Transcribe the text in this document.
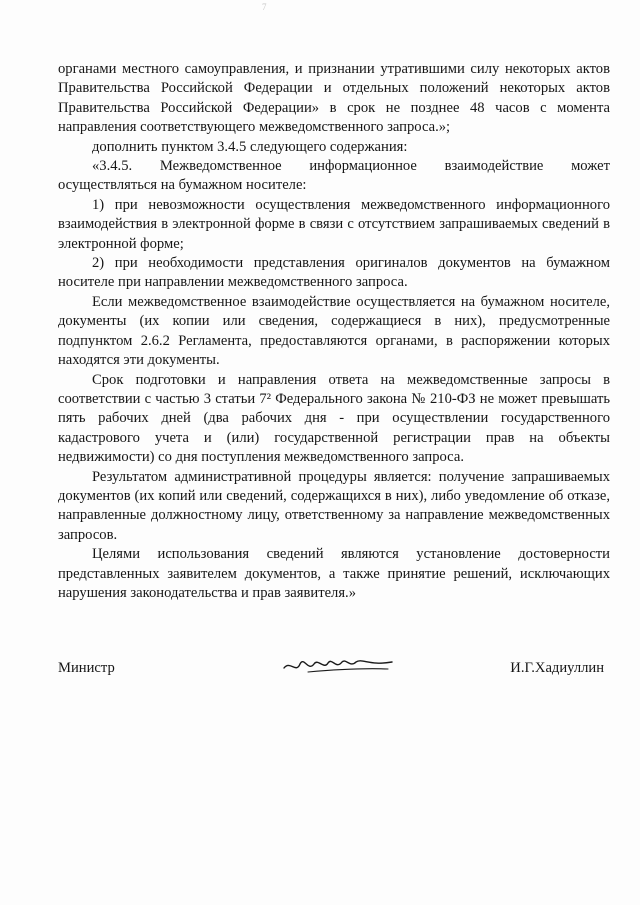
7

органами местного самоуправления, и признании утратившими силу некоторых актов Правительства Российской Федерации и отдельных положений некоторых актов Правительства Российской Федерации» в срок не позднее 48 часов с момента направления соответствующего межведомственного запроса.»;

дополнить пунктом 3.4.5 следующего содержания:

«3.4.5. Межведомственное информационное взаимодействие может осуществляться на бумажном носителе:

1) при невозможности осуществления межведомственного информационного взаимодействия в электронной форме в связи с отсутствием запрашиваемых сведений в электронной форме;

2) при необходимости представления оригиналов документов на бумажном носителе при направлении межведомственного запроса.

Если межведомственное взаимодействие осуществляется на бумажном носителе, документы (их копии или сведения, содержащиеся в них), предусмотренные подпунктом 2.6.2 Регламента, предоставляются органами, в распоряжении которых находятся эти документы.

Срок подготовки и направления ответа на межведомственные запросы в соответствии с частью 3 статьи 7² Федерального закона № 210-ФЗ не может превышать пять рабочих дней (два рабочих дня - при осуществлении государственного кадастрового учета и (или) государственной регистрации прав на объекты недвижимости) со дня поступления межведомственного запроса.

Результатом административной процедуры является: получение запрашиваемых документов (их копий или сведений, содержащихся в них), либо уведомление об отказе, направленные должностному лицу, ответственному за направление межведомственных запросов.

Целями использования сведений являются установление достоверности представленных заявителем документов, а также принятие решений, исключающих нарушения законодательства и прав заявителя.»

Министр	И.Г.Хадиуллин
